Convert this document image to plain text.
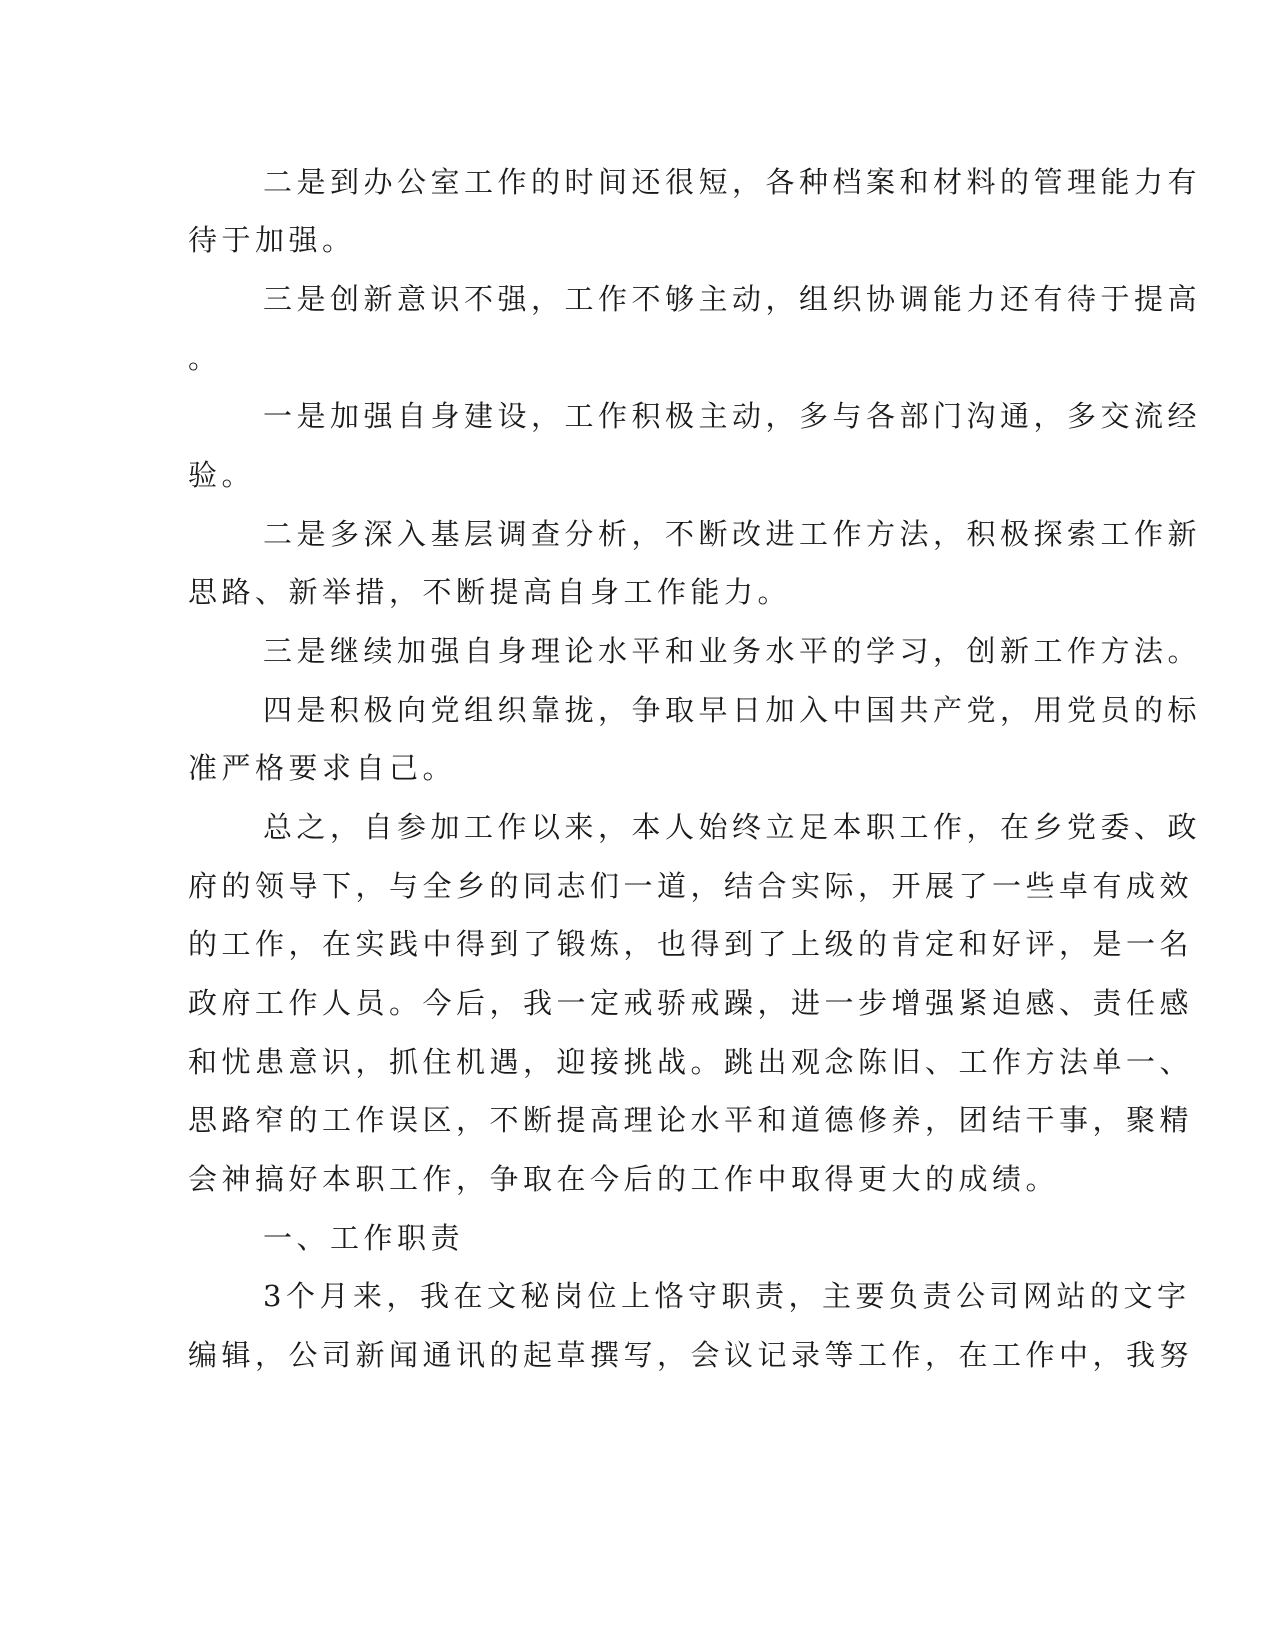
二是到办公室工作的时间还很短，各种档案和材料的管理能力有
待于加强。
三是创新意识不强，工作不够主动，组织协调能力还有待于提高
。
一是加强自身建设，工作积极主动，多与各部门沟通，多交流经
验。
二是多深入基层调查分析，不断改进工作方法，积极探索工作新
思路、新举措，不断提高自身工作能力。
三是继续加强自身理论水平和业务水平的学习，创新工作方法。
四是积极向党组织靠拢，争取早日加入中国共产党，用党员的标
准严格要求自己。
总之，自参加工作以来，本人始终立足本职工作，在乡党委、政
府的领导下，与全乡的同志们一道，结合实际，开展了一些卓有成效
的工作，在实践中得到了锻炼，也得到了上级的肯定和好评，是一名
政府工作人员。今后，我一定戒骄戒躁，进一步增强紧迫感、责任感
和忧患意识，抓住机遇，迎接挑战。跳出观念陈旧、工作方法单一、
思路窄的工作误区，不断提高理论水平和道德修养，团结干事，聚精
会神搞好本职工作，争取在今后的工作中取得更大的成绩。
一、工作职责
3个月来，我在文秘岗位上恪守职责，主要负责公司网站的文字
编辑，公司新闻通讯的起草撰写，会议记录等工作，在工作中，我努
